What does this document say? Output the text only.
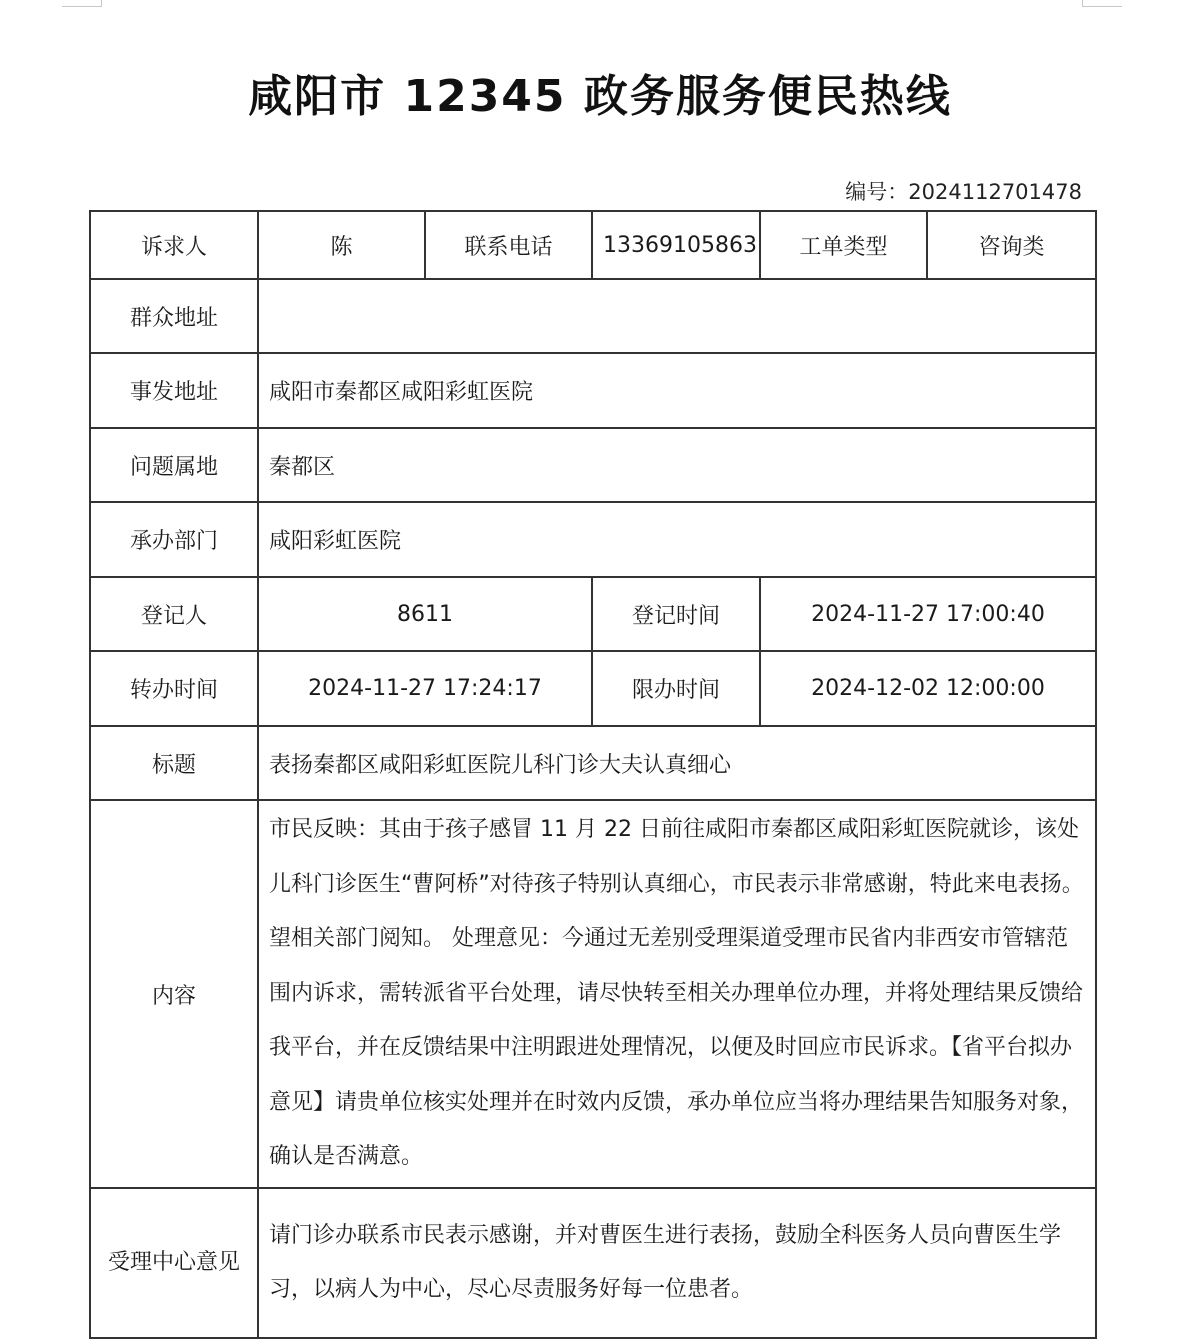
咸阳市 12345 政务服务便民热线
编号：2024112701478
诉求人	陈	联系电话	13369105863	工单类型	咨询类
群众地址					
事发地址	咸阳市秦都区咸阳彩虹医院				
问题属地	秦都区				
承办部门	咸阳彩虹医院				
登记人	8611		登记时间	2024-11-27 17:00:40	
转办时间	2024-11-27 17:24:17		限办时间	2024-12-02 12:00:00	
标题	表扬秦都区咸阳彩虹医院儿科门诊大夫认真细心				
内容	市民反映：其由于孩子感冒 11 月 22 日前往咸阳市秦都区咸阳彩虹医院就诊，该处儿科门诊医生“曹阿桥”对待孩子特别认真细心，市民表示非常感谢，特此来电表扬。 望相关部门阅知。 处理意见：今通过无差别受理渠道受理市民省内非西安市管辖范围内诉求，需转派省平台处理，请尽快转至相关办理单位办理，并将处理结果反馈给我平台，并在反馈结果中注明跟进处理情况，以便及时回应市民诉求。【省平台拟办意见】请贵单位核实处理并在时效内反馈，承办单位应当将办理结果告知服务对象，确认是否满意。				
受理中心意见	请门诊办联系市民表示感谢，并对曹医生进行表扬，鼓励全科医务人员向曹医生学习，以病人为中心，尽心尽责服务好每一位患者。				
